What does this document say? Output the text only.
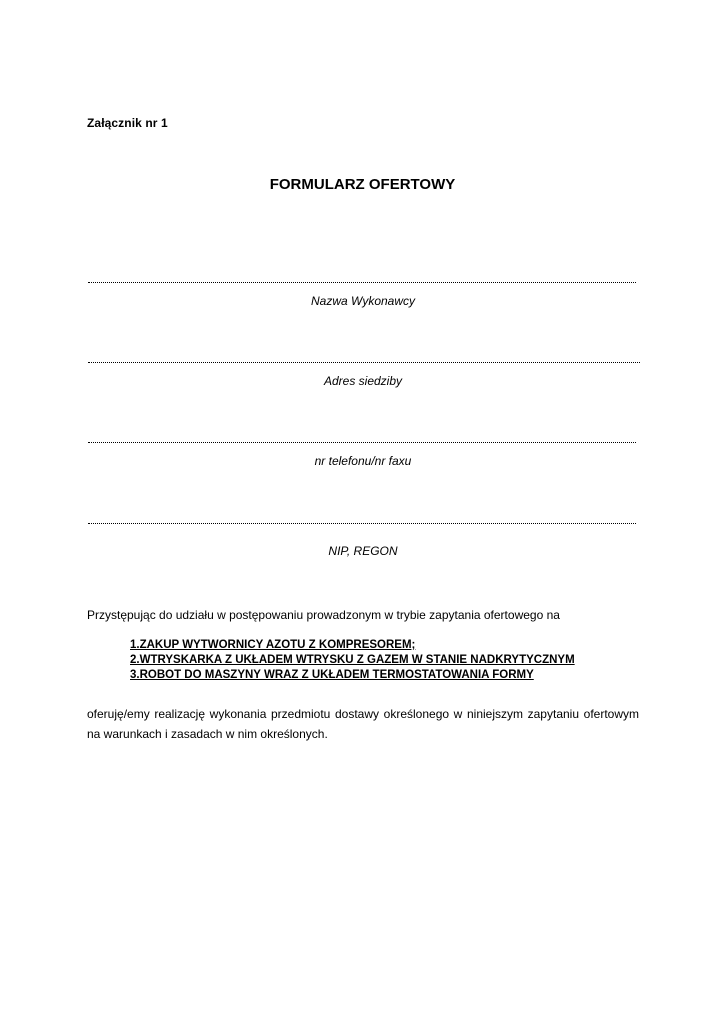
Załącznik nr 1
FORMULARZ OFERTOWY
Nazwa Wykonawcy
Adres siedziby
nr telefonu/nr faxu
NIP, REGON
Przystępując do udziału w postępowaniu prowadzonym w trybie zapytania ofertowego na
1.ZAKUP WYTWORNICY AZOTU Z KOMPRESOREM;
2.WTRYSKARKA Z UKŁADEM WTRYSKU Z GAZEM W STANIE NADKRYTYCZNYM
3.ROBOT DO MASZYNY WRAZ Z UKŁADEM TERMOSTATOWANIA FORMY
oferuję/emy realizację wykonania przedmiotu dostawy określonego w niniejszym zapytaniu ofertowym na warunkach i zasadach w nim określonych.
